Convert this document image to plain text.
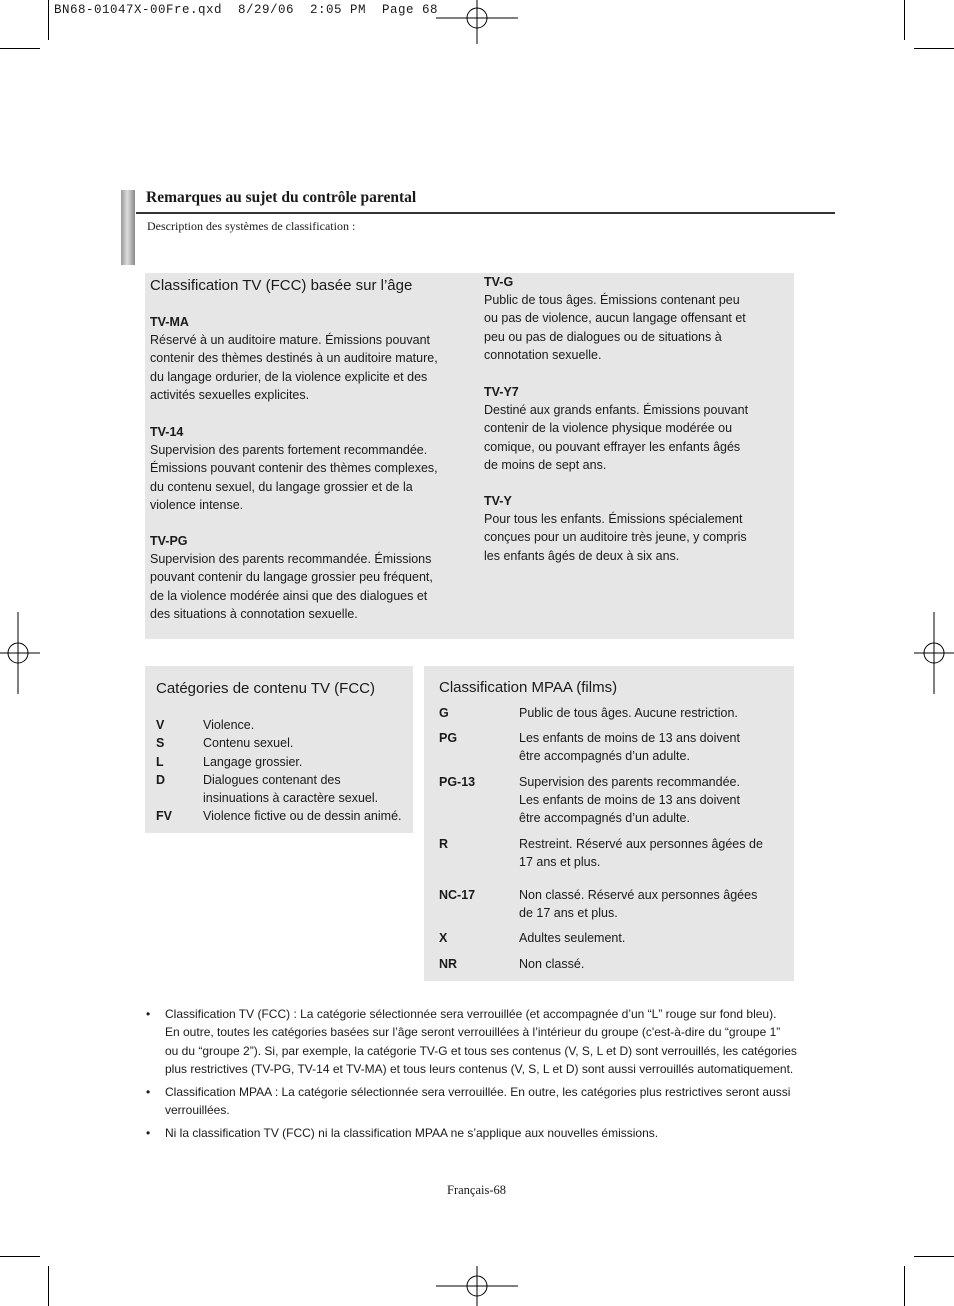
BN68-01047X-00Fre.qxd  8/29/06  2:05 PM  Page 68
Remarques au sujet du contrôle parental
Description des systèmes de classification :
Classification TV (FCC) basée sur l’âge
TV-MA
Réservé à un auditoire mature. Émissions pouvant
contenir des thèmes destinés à un auditoire mature,
du langage ordurier, de la violence explicite et des
activités sexuelles explicites.
TV-14
Supervision des parents fortement recommandée.
Émissions pouvant contenir des thèmes complexes,
du contenu sexuel, du langage grossier et de la
violence intense.
TV-PG
Supervision des parents recommandée. Émissions
pouvant contenir du langage grossier peu fréquent,
de la violence modérée ainsi que des dialogues et
des situations à connotation sexuelle.
TV-G
Public de tous âges. Émissions contenant peu
ou pas de violence, aucun langage offensant et
peu ou pas de dialogues ou de situations à
connotation sexuelle.
TV-Y7
Destiné aux grands enfants. Émissions pouvant
contenir de la violence physique modérée ou
comique, ou pouvant effrayer les enfants âgés
de moins de sept ans.
TV-Y
Pour tous les enfants. Émissions spécialement
conçues pour un auditoire très jeune, y compris
les enfants âgés de deux à six ans.
Catégories de contenu TV (FCC)
V	Violence.
S	Contenu sexuel.
L	Langage grossier.
D	Dialogues contenant des
insinuations à caractère sexuel.
FV Violence fictive ou de dessin animé.
Classification MPAA (films)
G	Public de tous âges. Aucune restriction.
PG	Les enfants de moins de 13 ans doivent
être accompagnés d’un adulte.
PG-13	Supervision des parents recommandée.
Les enfants de moins de 13 ans doivent
être accompagnés d’un adulte.
R	Restreint. Réservé aux personnes âgées de
17 ans et plus.
NC-17	Non classé. Réservé aux personnes âgées
de 17 ans et plus.
X	Adultes seulement.
NR	Non classé.
• Classification TV (FCC) : La catégorie sélectionnée sera verrouillée (et accompagnée d’un “L” rouge sur fond bleu).
En outre, toutes les catégories basées sur l’âge seront verrouillées à l’intérieur du groupe (c'est-à-dire du “groupe 1”
ou du “groupe 2”). Si, par exemple, la catégorie TV-G et tous ses contenus (V, S, L et D) sont verrouillés, les catégories
plus restrictives (TV-PG, TV-14 et TV-MA) et tous leurs contenus (V, S, L et D) sont aussi verrouillés automatiquement.
• Classification MPAA : La catégorie sélectionnée sera verrouillée. En outre, les catégories plus restrictives seront aussi
verrouillées.
• Ni la classification TV (FCC) ni la classification MPAA ne s’applique aux nouvelles émissions.
Français-68
